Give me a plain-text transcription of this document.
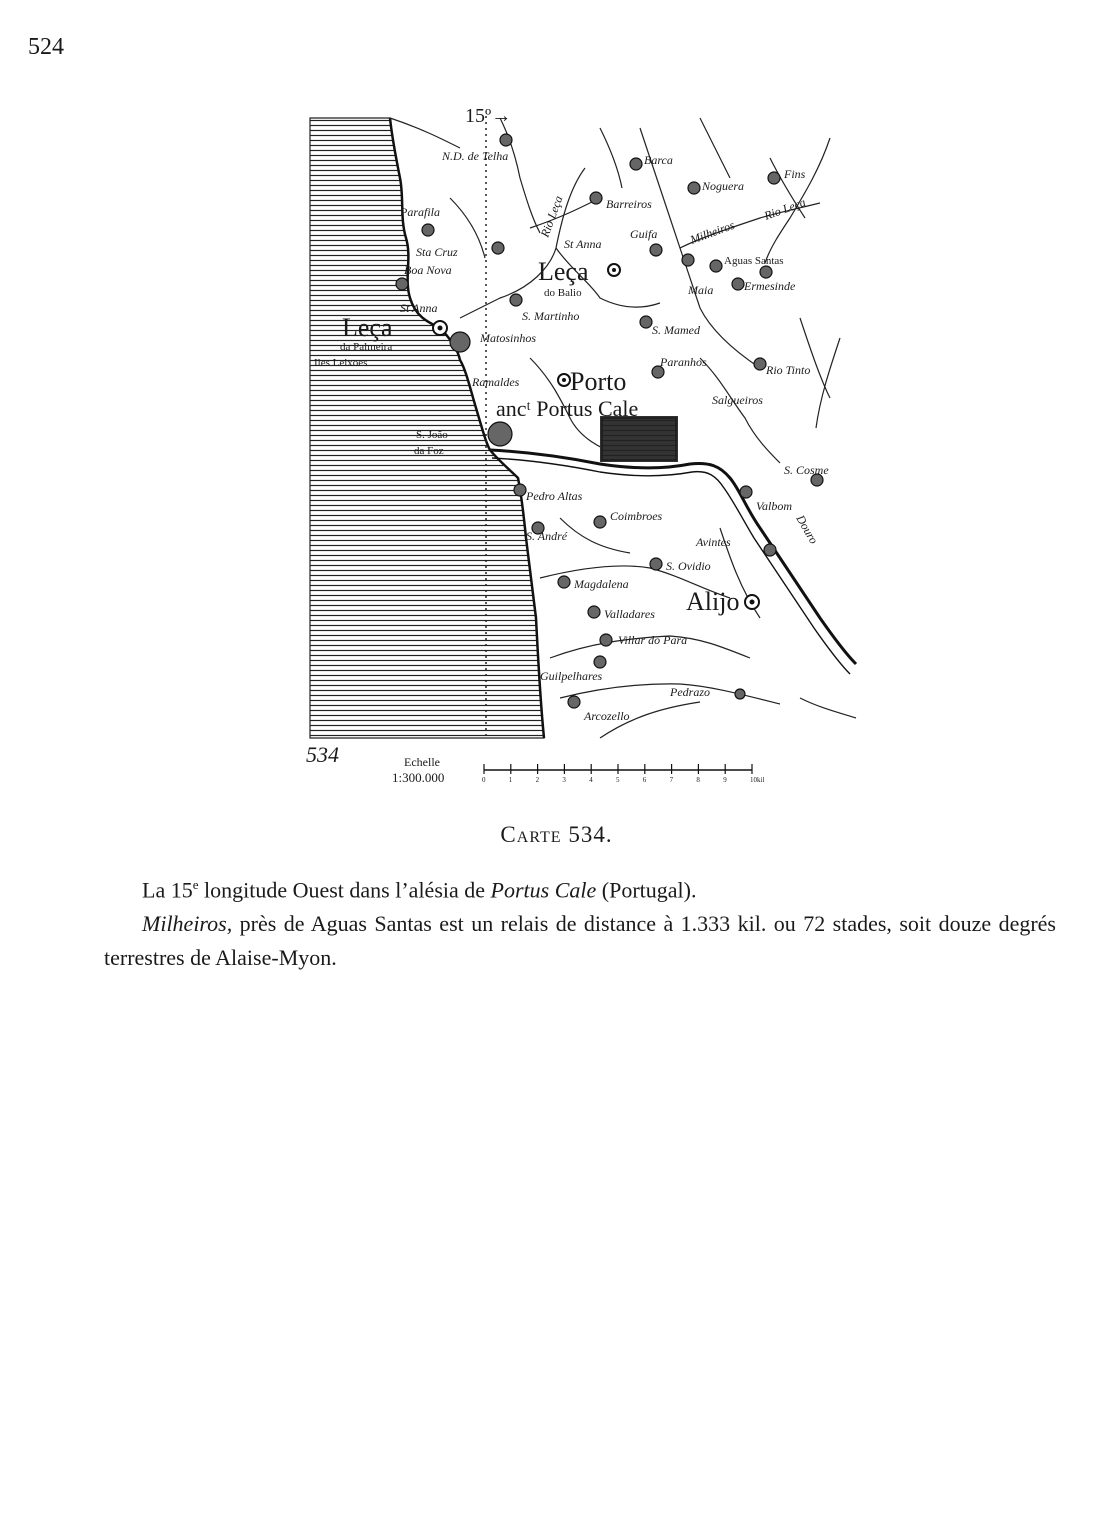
524
15º→
Douro
Rio Leça	Rio Leça
N.D. de Telha	Barca
Fins
Noguera
Barreiros
Parafila
Milheiros
Sta Cruz
St Anna
Guifa
Aguas Santas
Boa Nova	Leça
do Balio	Ermesinde
Maia
St Anna
S. Martinho
Leça
da Palmeira
Iles Leixoes
Matosinhos
S. Mamed
Paranhos
Rio Tinto
Ramaldes Porto
ancᵗ Portus Cale	Salgueiros
S. João
da Foz
S. Cosme
Pedro Altas
Valbom
Coimbroes
S. André	Avintes
S. Ovidio
Magdalena
Alijo
Valladares
Villar do Para
Guilpelhares
Pedrazo
Arcozello
534	Echelle
1:300.000	0	1	2	3	4	5	6	7	8	9	10kil
Carte 534.

La 15e longitude Ouest dans l’alésia de Portus Cale (Portugal).

Milheiros, près de Aguas Santas est un relais de distance à 1.333 kil. ou 72 stades, soit douze degrés terrestres de Alaise-Myon.
